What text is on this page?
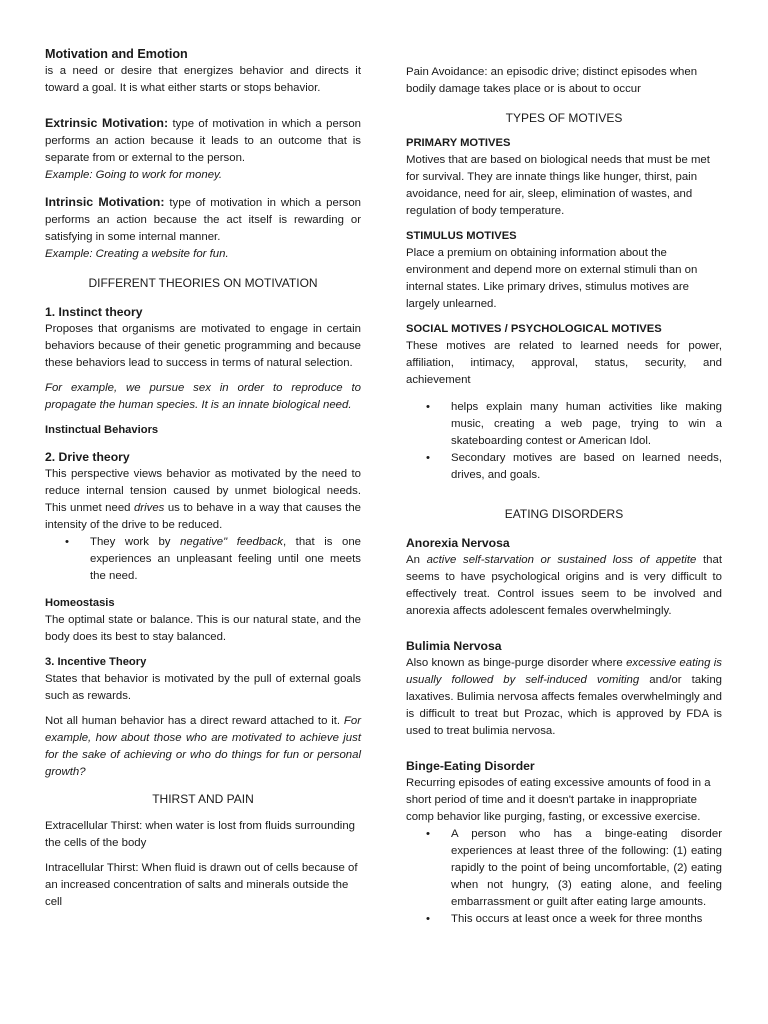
Motivation and Emotion

is a need or desire that energizes behavior and directs it toward a goal. It is what either starts or stops behavior.

Extrinsic Motivation: type of motivation in which a person performs an action because it leads to an outcome that is separate from or external to the person.

Example: Going to work for money.

Intrinsic Motivation: type of motivation in which a person performs an action because the act itself is rewarding or satisfying in some internal manner.

Example: Creating a website for fun.

DIFFERENT THEORIES ON MOTIVATION

1. Instinct theory

Proposes that organisms are motivated to engage in certain behaviors because of their genetic programming and because these behaviors lead to success in terms of natural selection.

For example, we pursue sex in order to reproduce to propagate the human species. It is an innate biological need.

Instinctual Behaviors

2. Drive theory

This perspective views behavior as motivated by the need to reduce internal tension caused by unmet biological needs. This unmet need drives us to behave in a way that causes the intensity of the drive to be reduced.

• They work by negative" feedback, that is one experiences an unpleasant feeling until one meets the need.

Homeostasis

The optimal state or balance. This is our natural state, and the body does its best to stay balanced.

3. Incentive Theory

States that behavior is motivated by the pull of external goals such as rewards.

Not all human behavior has a direct reward attached to it. For example, how about those who are motivated to achieve just for the sake of achieving or who do things for fun or personal growth?

THIRST AND PAIN

Extracellular Thirst: when water is lost from fluids surrounding the cells of the body

Intracellular Thirst: When fluid is drawn out of cells because of an increased concentration of salts and minerals outside the cell

Pain Avoidance: an episodic drive; distinct episodes when bodily damage takes place or is about to occur

TYPES OF MOTIVES

PRIMARY MOTIVES

Motives that are based on biological needs that must be met for survival. They are innate things like hunger, thirst, pain avoidance, need for air, sleep, elimination of wastes, and regulation of body temperature.

STIMULUS MOTIVES

Place a premium on obtaining information about the environment and depend more on external stimuli than on internal states. Like primary drives, stimulus motives are largely unlearned.

SOCIAL MOTIVES / PSYCHOLOGICAL MOTIVES

These motives are related to learned needs for power, affiliation, intimacy, approval, status, security, and achievement

• helps explain many human activities like making music, creating a web page, trying to win a skateboarding contest or American Idol.
• Secondary motives are based on learned needs, drives, and goals.

EATING DISORDERS

Anorexia Nervosa

An active self-starvation or sustained loss of appetite that seems to have psychological origins and is very difficult to effectively treat. Control issues seem to be involved and anorexia affects adolescent females overwhelmingly.

Bulimia Nervosa

Also known as binge-purge disorder where excessive eating is usually followed by self-induced vomiting and/or taking laxatives. Bulimia nervosa affects females overwhelmingly and is difficult to treat but Prozac, which is approved by FDA is used to treat bulimia nervosa.

Binge-Eating Disorder

Recurring episodes of eating excessive amounts of food in a short period of time and it doesn't partake in inappropriate comp behavior like purging, fasting, or excessive exercise.

• A person who has a binge-eating disorder experiences at least three of the following: (1) eating rapidly to the point of being uncomfortable, (2) eating when not hungry, (3) eating alone, and feeling embarrassment or guilt after eating large amounts.
• This occurs at least once a week for three months
